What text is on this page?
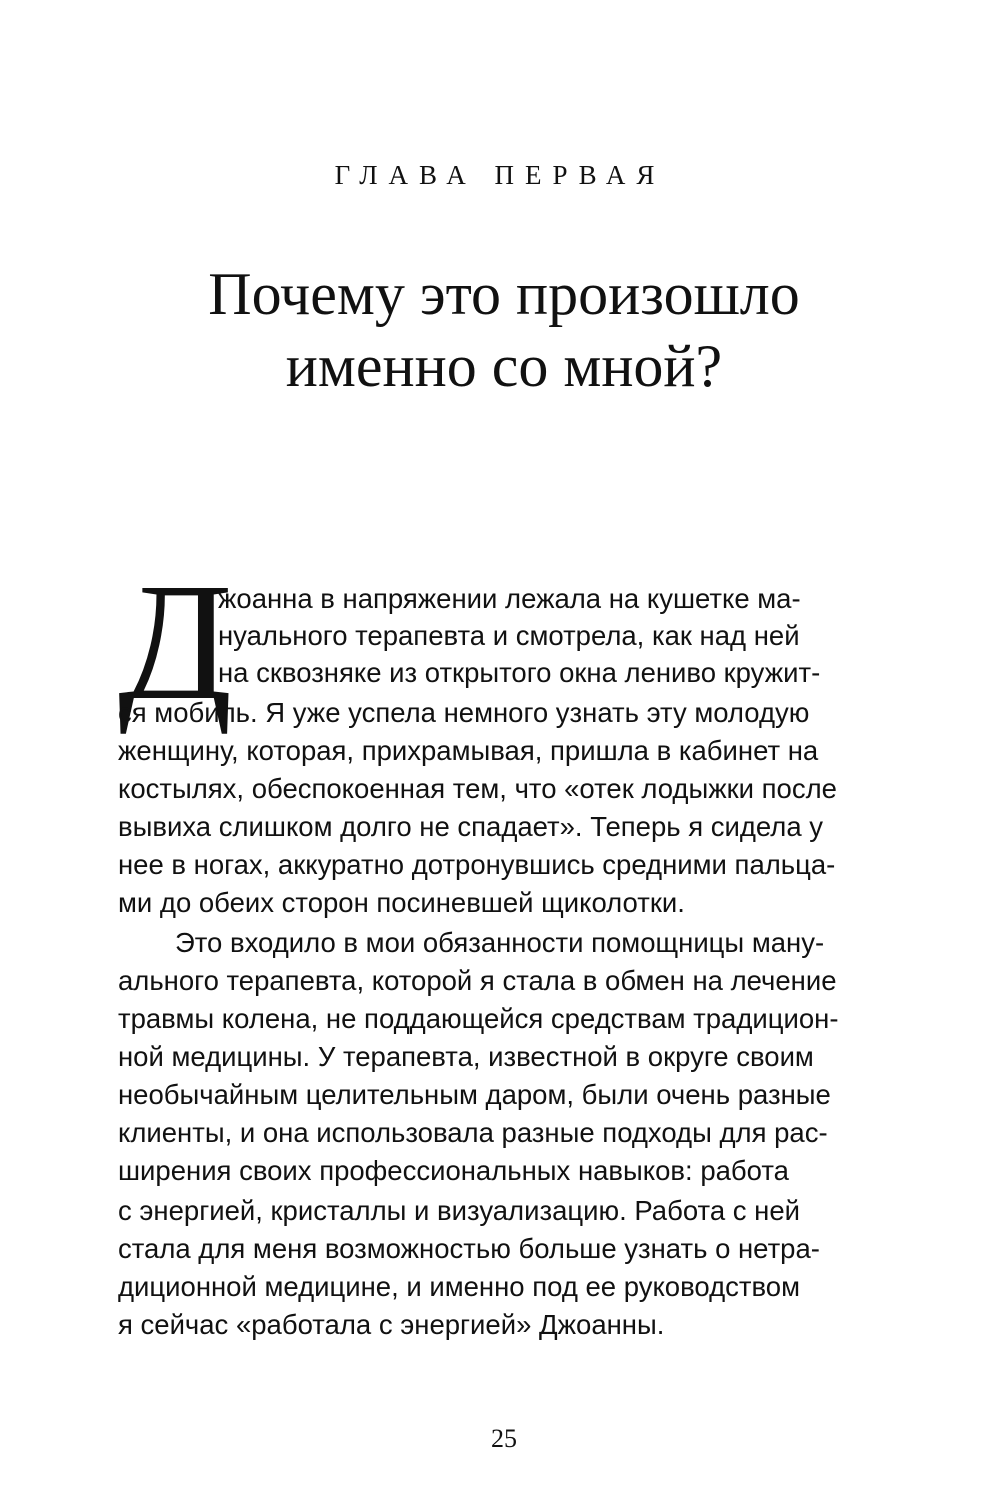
ГЛАВА ПЕРВАЯ
Почему это произошло
именно со мной?
Д
жоанна в напряжении лежала на кушетке ма-
нуального терапевта и смотрела, как над ней
на сквозняке из открытого окна лениво кружит-
ся мобиль. Я уже успела немного узнать эту молодую
женщину, которая, прихрамывая, пришла в кабинет на
костылях, обеспокоенная тем, что «отек лодыжки после
вывиха слишком долго не спадает». Теперь я сидела у
нее в ногах, аккуратно дотронувшись средними пальца-
ми до обеих сторон посиневшей щиколотки.
Это входило в мои обязанности помощницы ману-
ального терапевта, которой я стала в обмен на лечение
травмы колена, не поддающейся средствам традицион-
ной медицины. У терапевта, известной в округе своим
необычайным целительным даром, были очень разные
клиенты, и она использовала разные подходы для рас-
ширения своих профессиональных навыков: работа
с энергией, кристаллы и визуализацию. Работа с ней
стала для меня возможностью больше узнать о нетра-
диционной медицине, и именно под ее руководством
я сейчас «работала с энергией» Джоанны.
25
